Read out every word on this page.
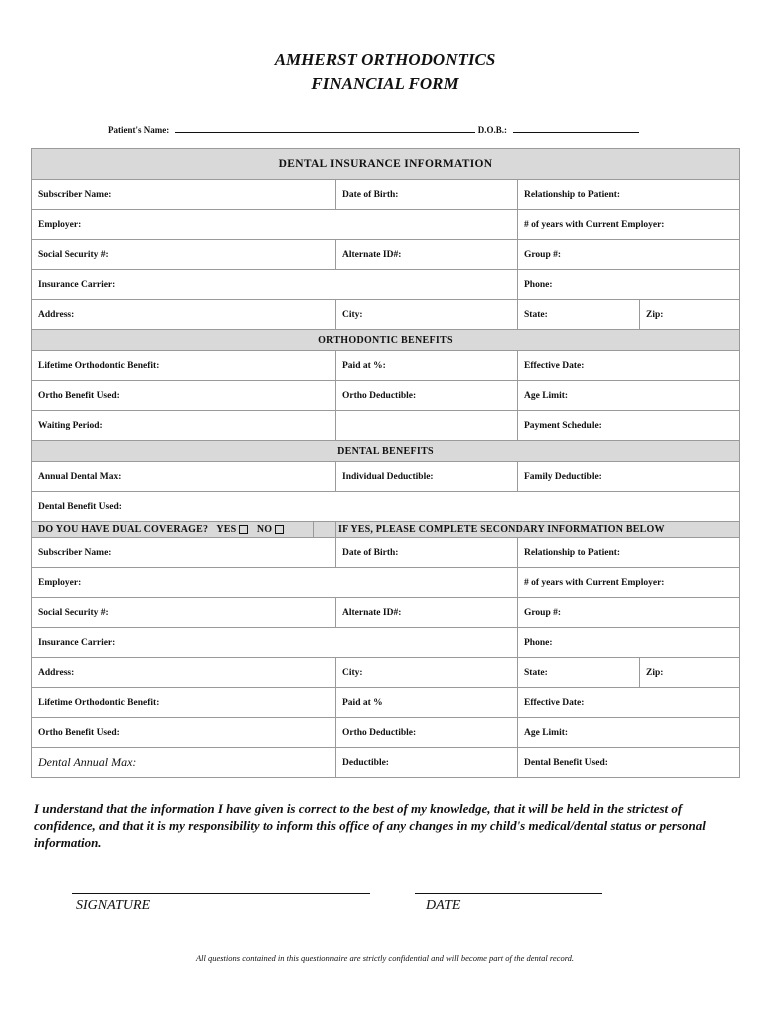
AMHERST ORTHODONTICS
FINANCIAL FORM
Patient's Name:	D.O.B.:
DENTAL INSURANCE INFORMATION				
Subscriber Name:		Date of Birth:	Relationship to Patient:	
Employer:			# of years with Current Employer:	
Social Security #:		Alternate ID#:	Group #:	
Insurance Carrier:			Phone:	
Address:		City:	State:	Zip:
ORTHODONTIC BENEFITS				
Lifetime Orthodontic Benefit:		Paid at %:	Effective Date:	
Ortho Benefit Used:		Ortho Deductible:	Age Limit:	
Waiting Period:			Payment Schedule:	
DENTAL BENEFITS				
Annual Dental Max:		Individual Deductible:	Family Deductible:	
Dental Benefit Used:				
DO YOU HAVE DUAL COVERAGE? YES NO		IF YES, PLEASE COMPLETE SECONDARY INFORMATION BELOW		
Subscriber Name:		Date of Birth:	Relationship to Patient:	
Employer:			# of years with Current Employer:	
Social Security #:		Alternate ID#:	Group #:	
Insurance Carrier:			Phone:	
Address:		City:	State:	Zip:
Lifetime Orthodontic Benefit:		Paid at %	Effective Date:	
Ortho Benefit Used:		Ortho Deductible:	Age Limit:	
Dental Annual Max:		Deductible:	Dental Benefit Used:	
I understand that the information I have given is correct to the best of my knowledge, that it will be held in the strictest of confidence, and that it is my responsibility to inform this office of any changes in my child's medical/dental status or personal information.
SIGNATURE	DATE
All questions contained in this questionnaire are strictly confidential and will become part of the dental record.
